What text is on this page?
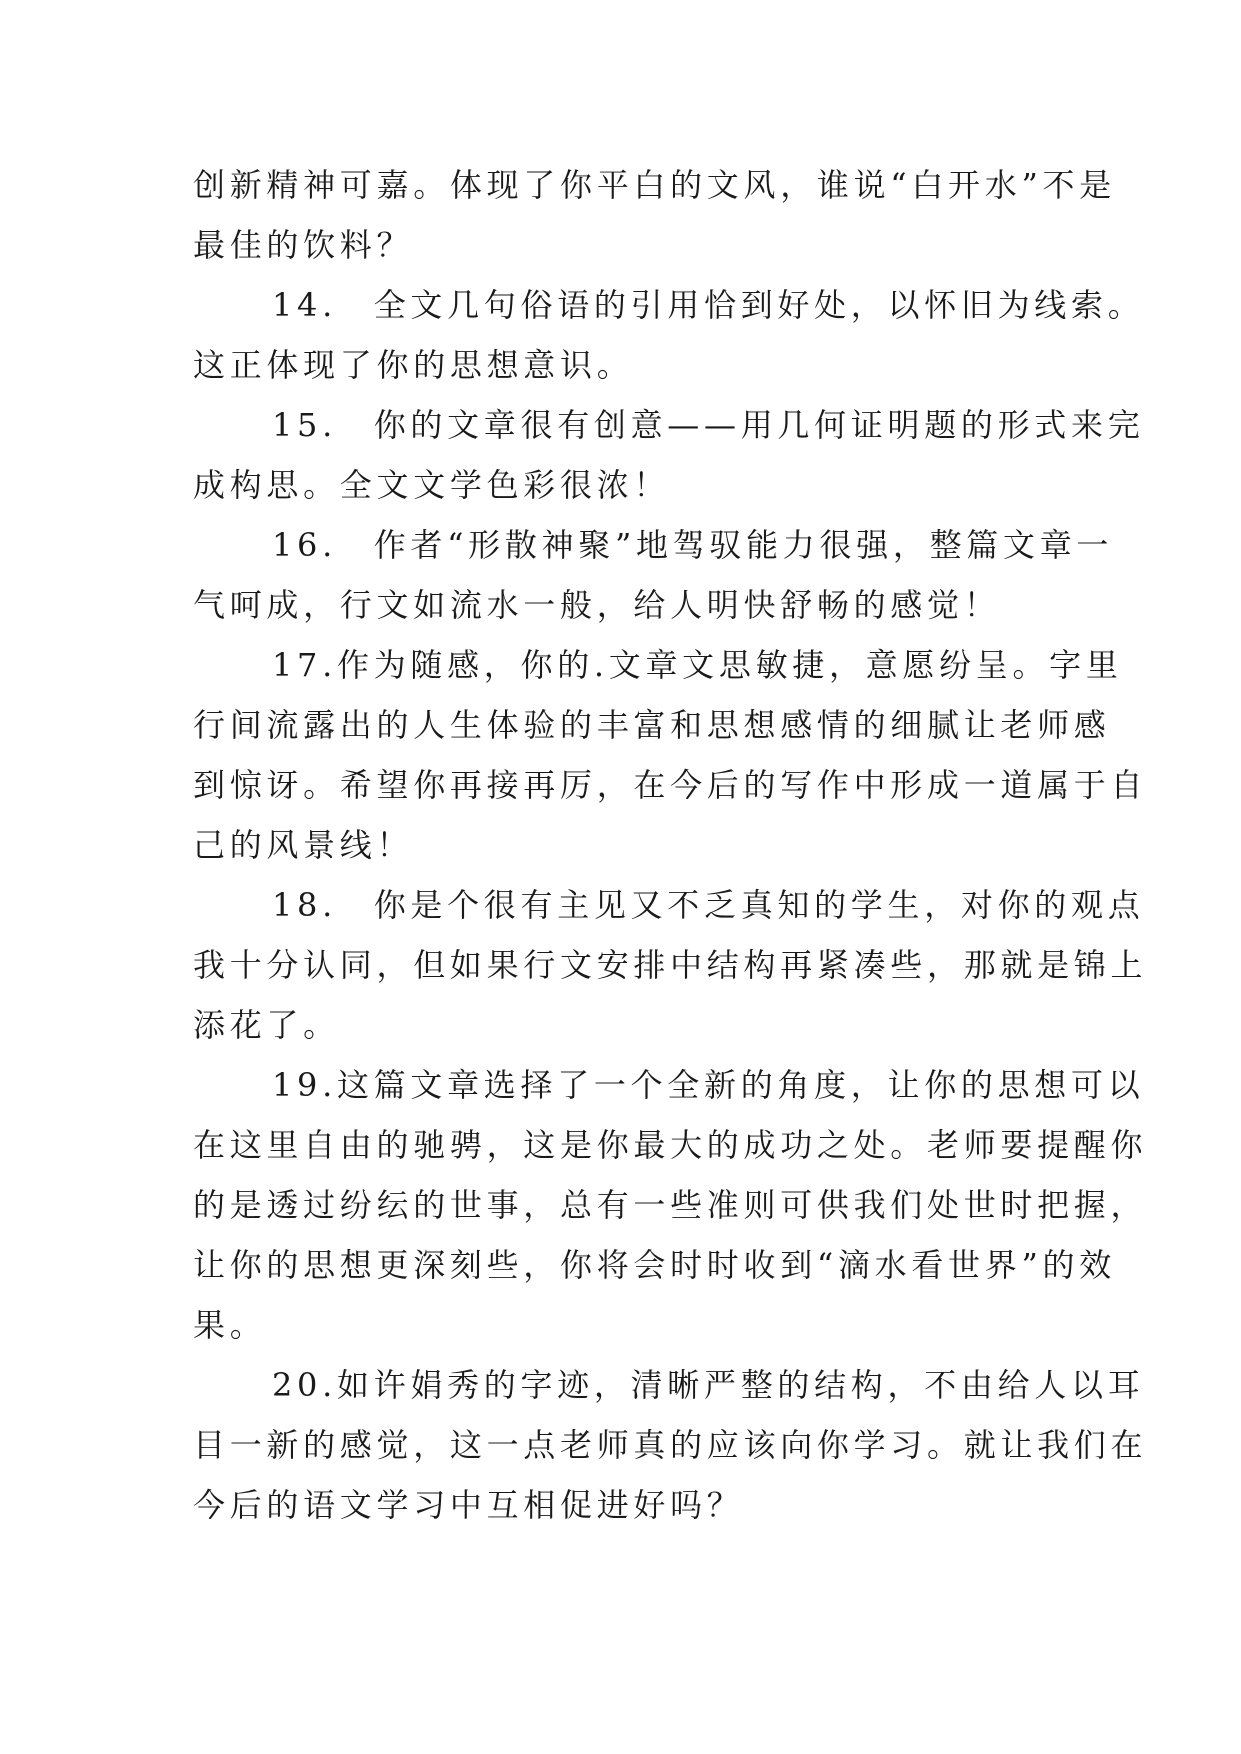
创新精神可嘉。体现了你平白的文风，谁说“白开水”不是
最佳的饮料？
14.　全文几句俗语的引用恰到好处，以怀旧为线索。
这正体现了你的思想意识。
15.　你的文章很有创意——用几何证明题的形式来完
成构思。全文文学色彩很浓！
16.　作者“形散神聚”地驾驭能力很强，整篇文章一
气呵成，行文如流水一般，给人明快舒畅的感觉！
17.作为随感，你的.文章文思敏捷，意愿纷呈。字里
行间流露出的人生体验的丰富和思想感情的细腻让老师感
到惊讶。希望你再接再厉，在今后的写作中形成一道属于自
己的风景线！
18.　你是个很有主见又不乏真知的学生，对你的观点
我十分认同，但如果行文安排中结构再紧凑些，那就是锦上
添花了。
19.这篇文章选择了一个全新的角度，让你的思想可以
在这里自由的驰骋，这是你最大的成功之处。老师要提醒你
的是透过纷纭的世事，总有一些准则可供我们处世时把握，
让你的思想更深刻些，你将会时时收到“滴水看世界”的效
果。
20.如许娟秀的字迹，清晰严整的结构，不由给人以耳
目一新的感觉，这一点老师真的应该向你学习。就让我们在
今后的语文学习中互相促进好吗？
